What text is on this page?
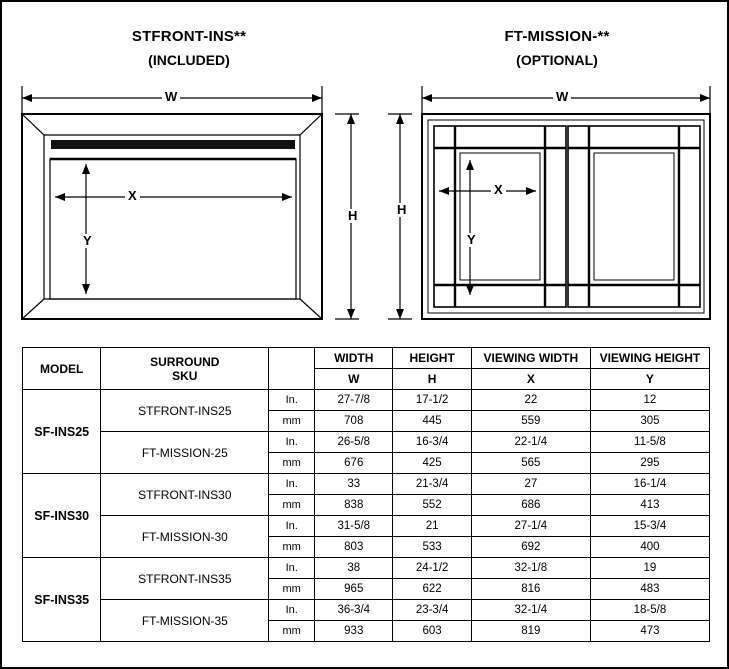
STFRONT-INS**
(INCLUDED)
W
H
X
Y
FT-MISSION-**
(OPTIONAL)
W
H
X
Y
MODEL	SURROUND
SKU		WIDTH	HEIGHT	VIEWING WIDTH	VIEWING HEIGHT
			W	H	X	Y
SF-INS25	STFRONT-INS25	In.	27-7/8	17-1/2	22	12
		mm	708	445	559	305
	FT-MISSION-25	In.	26-5/8	16-3/4	22-1/4	11-5/8
		mm	676	425	565	295
SF-INS30	STFRONT-INS30	In.	33	21-3/4	27	16-1/4
		mm	838	552	686	413
	FT-MISSION-30	In.	31-5/8	21	27-1/4	15-3/4
		mm	803	533	692	400
SF-INS35	STFRONT-INS35	In.	38	24-1/2	32-1/8	19
		mm	965	622	816	483
	FT-MISSION-35	In.	36-3/4	23-3/4	32-1/4	18-5/8
		mm	933	603	819	473
